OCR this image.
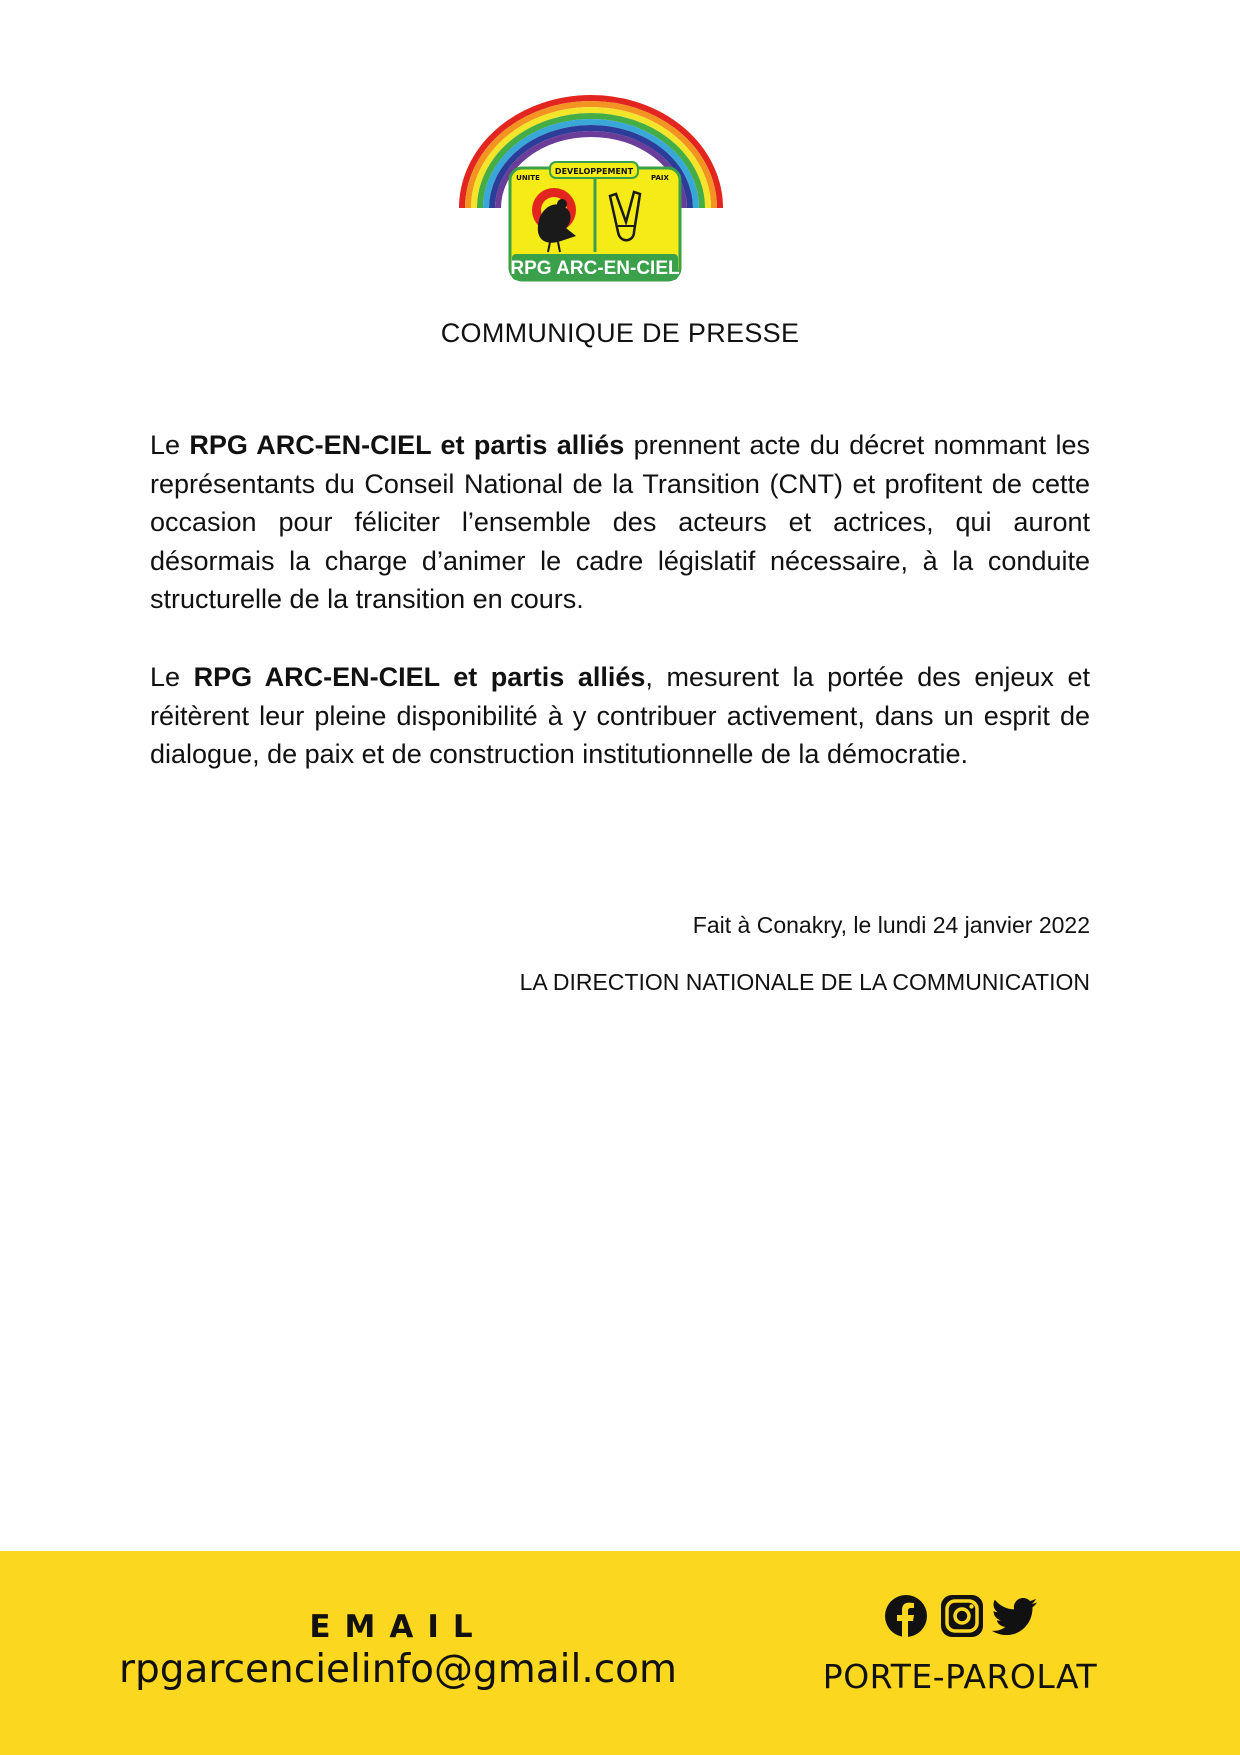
DEVELOPPEMENT
UNITE	PAIX
RPG ARC-EN-CIEL
COMMUNIQUE DE PRESSE
Le RPG ARC-EN-CIEL et partis alliés prennent acte du décret nommant les représentants du Conseil National de la Transition (CNT) et profitent de cette occasion pour féliciter l’ensemble des acteurs et actrices, qui auront désormais la charge d’animer le cadre législatif nécessaire, à la conduite structurelle de la transition en cours.
Le RPG ARC-EN-CIEL et partis alliés, mesurent la portée des enjeux et réitèrent leur pleine disponibilité à y contribuer activement, dans un esprit de dialogue, de paix et de construction institutionnelle de la démocratie.
Fait à Conakry, le lundi 24 janvier 2022
LA DIRECTION NATIONALE DE LA COMMUNICATION
EMAIL
rpgarcencielinfo@gmail.com	PORTE-PAROLAT
